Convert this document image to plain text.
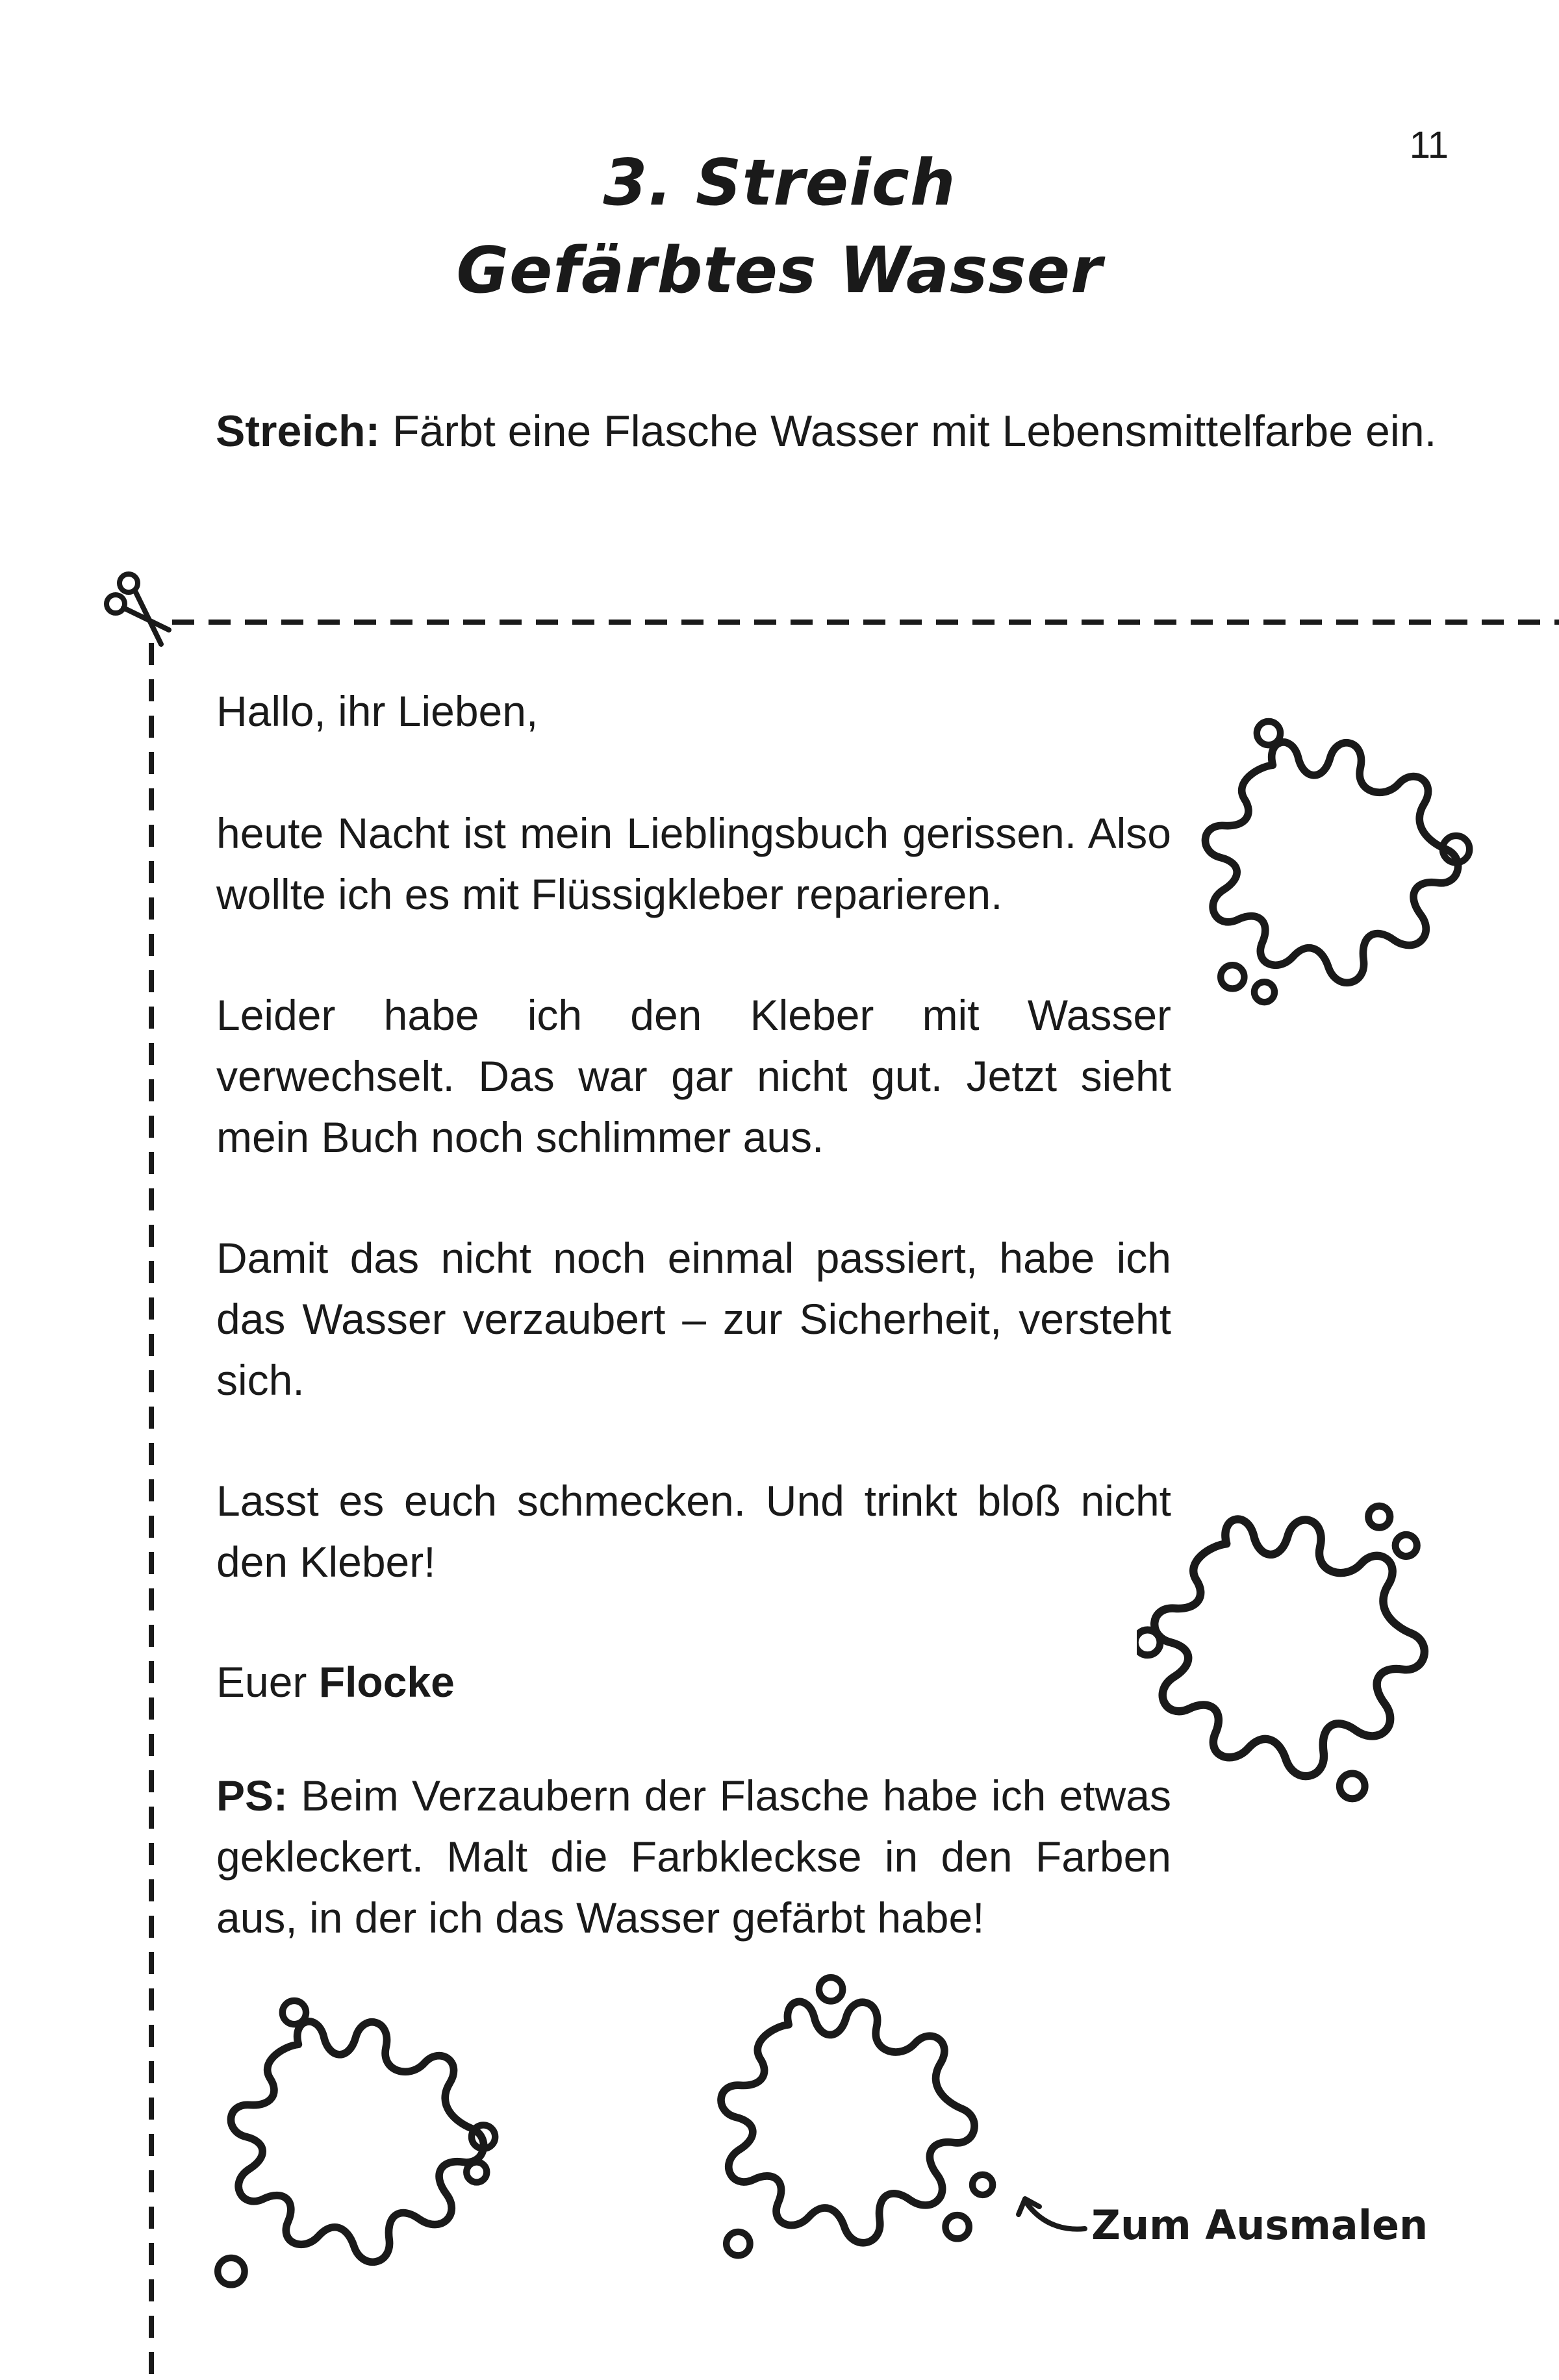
11
3. Streich
Gefärbtes Wasser
Streich: Färbt eine Flasche Wasser mit Lebensmittelfarbe ein.
Hallo, ihr Lieben,
heute Nacht ist mein Lieblingsbuch gerissen. Also wollte ich es mit Flüssigkleber reparieren.
Leider habe ich den Kleber mit Wasser verwechselt. Das war gar nicht gut. Jetzt sieht mein Buch noch schlimmer aus.
Damit das nicht noch einmal passiert, habe ich das Wasser verzaubert – zur Sicherheit, versteht sich.
Lasst es euch schmecken. Und trinkt bloß nicht den Kleber!
Euer Flocke
PS: Beim Verzaubern der Flasche habe ich etwas gekleckert. Malt die Farbkleckse in den Farben aus, in der ich das Wasser gefärbt habe!
Zum Ausmalen
